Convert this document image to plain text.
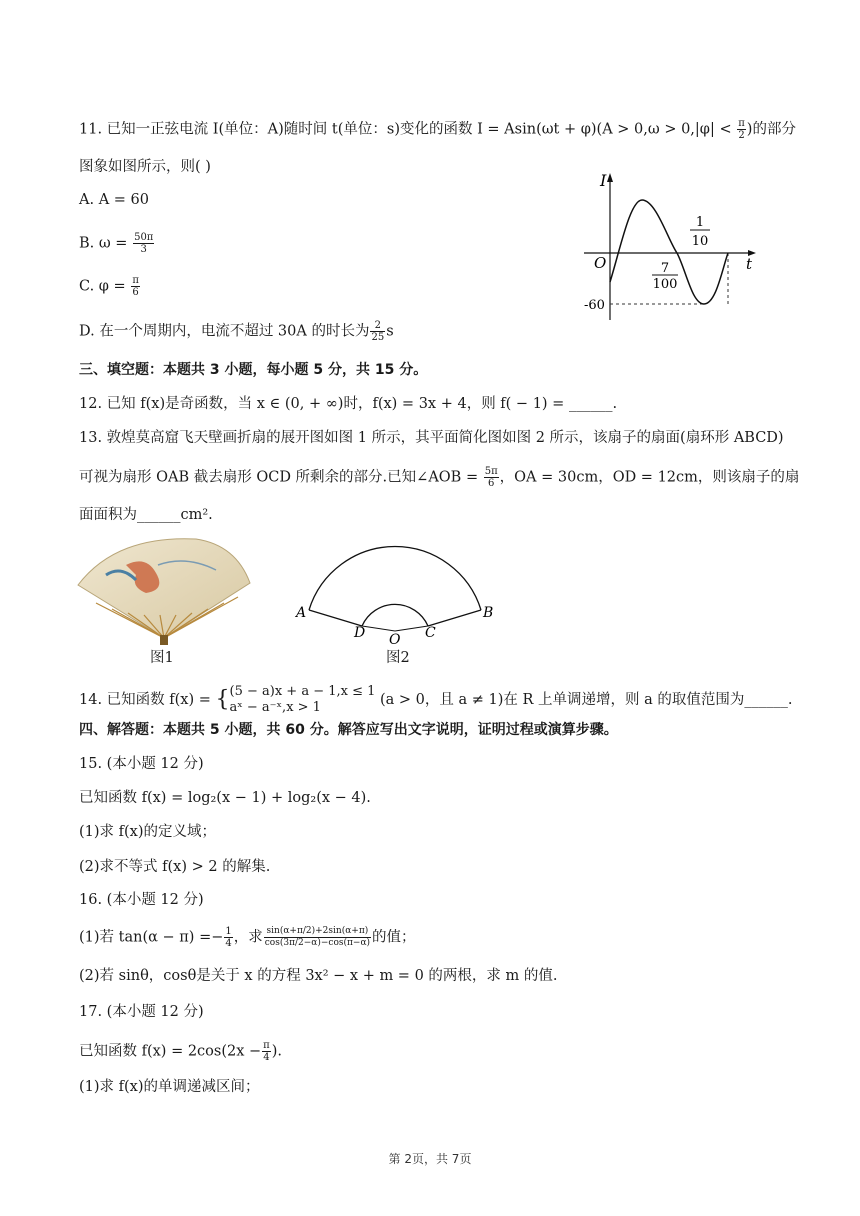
11. 已知一正弦电流 I(单位：A)随时间 t(单位：s)变化的函数 $I = Asin(\omega t + \varphi)(A > 0,\omega > 0,|\varphi| < \frac{\pi}{2}$ )的部分
图象如图所示，则( )
A. A = 60
B. $\omega = \frac{50\pi}{3}$
C. $\varphi = \frac{\pi}{6}$
D. 在一个周期内，电流不超过 30A 的时长为 $\frac{2}{25}$ s
I
t
O
-60
7
100
1
10
三、填空题：本题共 3 小题，每小题 5 分，共 15 分。
12. 已知 f(x)是奇函数，当 x ∈ (0, + ∞)时，f(x) = 3x + 4，则 f( − 1) = ______.
13. 敦煌莫高窟飞天壁画折扇的展开图如图 1 所示，其平面简化图如图 2 所示，该扇子的扇面(扇环形 ABCD)
可视为扇形 OAB 截去扇形 OCD 所剩余的部分.已知∠AOB = $\frac{5\pi}{6}$ ，OA = 30cm，OD = 12cm，则该扇子的扇
面面积为______cm².
图1
A	B
C
D O
图2
14. 已知函数 f(x) = { (5 − a)x + a − 1,x ≤ 1
aˣ − a⁻ˣ,x > 1	(a > 0，且 a ≠ 1)在 R 上单调递增，则 a 的取值范围为______.
四、解答题：本题共 5 小题，共 60 分。解答应写出文字说明，证明过程或演算步骤。
15. (本小题 12 分)
已知函数 f(x) = log₂(x − 1) + log₂(x − 4).
(1)求 f(x)的定义域；
(2)求不等式 f(x) > 2 的解集.
16. (本小题 12 分)
(1)若 $\tan(\alpha - \pi) =- \frac{1}{4}$ ，求 $\frac{\sin(\alpha+\pi/2)+2\sin(\alpha+\pi)}{\cos(3\pi/2-\alpha)-\cos(\pi-\alpha)}$ 的值；
(2)若 sinθ，cosθ是关于 x 的方程 3x² − x + m = 0 的两根，求 m 的值.
17. (本小题 12 分)
已知函数 $f(x) = 2\cos(2x - \frac{\pi}{4}$ ).
(1)求 f(x)的单调递减区间；
第 2页，共 7页
